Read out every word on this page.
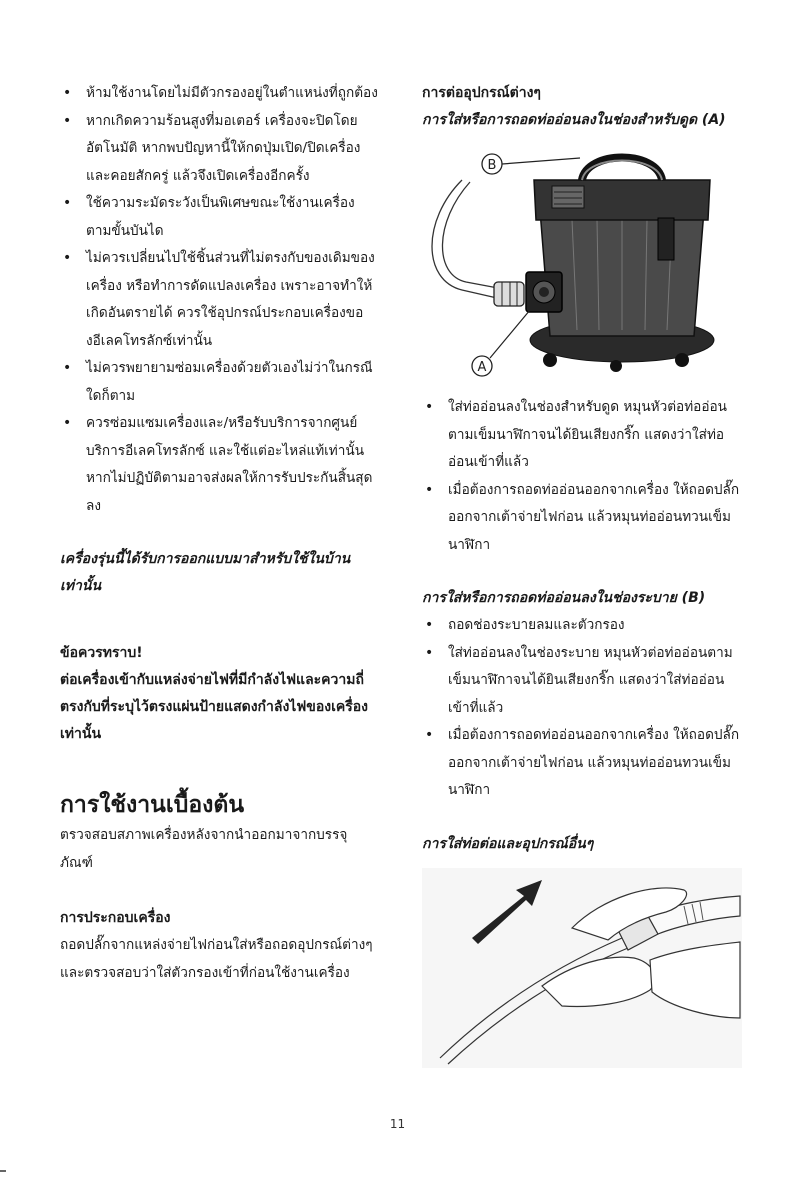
• ห้ามใช้งานโดยไม่มีตัวกรองอยู่ในตำแหน่งที่ถูกต้อง
• หากเกิดความร้อนสูงที่มอเตอร์ เครื่องจะปิดโดยอัตโนมัติ หากพบปัญหานี้ให้กดปุ่มเปิด/ปิดเครื่องและคอยสักครู่ แล้วจึงเปิดเครื่องอีกครั้ง
• ใช้ความระมัดระวังเป็นพิเศษขณะใช้งานเครื่องตามขั้นบันได
• ไม่ควรเปลี่ยนไปใช้ชิ้นส่วนที่ไม่ตรงกับของเดิมของเครื่อง หรือทำการดัดแปลงเครื่อง เพราะอาจทำให้เกิดอันตรายได้ ควรใช้อุปกรณ์ประกอบเครื่องของอีเลคโทรลักซ์เท่านั้น
• ไม่ควรพยายามซ่อมเครื่องด้วยตัวเองไม่ว่าในกรณีใดก็ตาม
• ควรซ่อมแซมเครื่องและ/หรือรับบริการจากศูนย์บริการอีเลคโทรลักซ์ และใช้แต่อะไหล่แท้เท่านั้น หากไม่ปฏิบัติตามอาจส่งผลให้การรับประกันสิ้นสุดลง

เครื่องรุ่นนี้ได้รับการออกแบบมาสำหรับใช้ในบ้านเท่านั้น

ข้อควรทราบ!

ต่อเครื่องเข้ากับแหล่งจ่ายไฟที่มีกำลังไฟและความถี่ตรงกับที่ระบุไว้ตรงแผ่นป้ายแสดงกำลังไฟของเครื่องเท่านั้น

การใช้งานเบื้องต้น

ตรวจสอบสภาพเครื่องหลังจากนำออกมาจากบรรจุภัณฑ์

การประกอบเครื่อง

ถอดปลั๊กจากแหล่งจ่ายไฟก่อนใส่หรือถอดอุปกรณ์ต่างๆและตรวจสอบว่าใส่ตัวกรองเข้าที่ก่อนใช้งานเครื่อง

การต่ออุปกรณ์ต่างๆ

การใส่หรือการถอดท่ออ่อนลงในช่องสำหรับดูด (A)

B
A
• ใส่ท่ออ่อนลงในช่องสำหรับดูด หมุนหัวต่อท่ออ่อนตามเข็มนาฬิกาจนได้ยินเสียงกริ๊ก แสดงว่าใส่ท่ออ่อนเข้าที่แล้ว
• เมื่อต้องการถอดท่ออ่อนออกจากเครื่อง ให้ถอดปลั๊กออกจากเต้าจ่ายไฟก่อน แล้วหมุนท่ออ่อนทวนเข็มนาฬิกา

การใส่หรือการถอดท่ออ่อนลงในช่องระบาย (B)

• ถอดช่องระบายลมและตัวกรอง
• ใส่ท่ออ่อนลงในช่องระบาย หมุนหัวต่อท่ออ่อนตามเข็มนาฬิกาจนได้ยินเสียงกริ๊ก แสดงว่าใส่ท่ออ่อนเข้าที่แล้ว
• เมื่อต้องการถอดท่ออ่อนออกจากเครื่อง ให้ถอดปลั๊กออกจากเต้าจ่ายไฟก่อน แล้วหมุนท่ออ่อนทวนเข็มนาฬิกา

การใส่ท่อต่อและอุปกรณ์อื่นๆ

11
